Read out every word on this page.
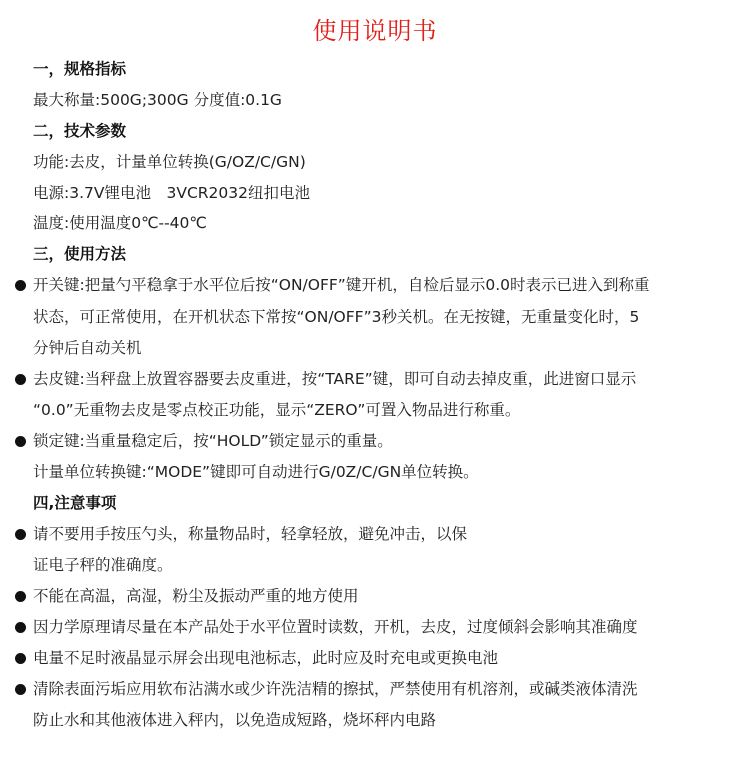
使用说明书
一，规格指标
最大称量:500G;300G 分度值:0.1G
二，技术参数
功能:去皮，计量单位转换(G/OZ/C/GN)
电源:3.7V锂电池　3VCR2032纽扣电池
温度:使用温度0℃--40℃
三，使用方法
开关键:把量勺平稳拿于水平位后按“ON/OFF”键开机，自检后显示0.0时表示已进入到称重
状态，可正常使用，在开机状态下常按“ON/OFF”3秒关机。在无按键，无重量变化时，5
分钟后自动关机
去皮键:当秤盘上放置容器要去皮重进，按“TARE”键，即可自动去掉皮重，此进窗口显示
“0.0”无重物去皮是零点校正功能，显示“ZERO”可置入物品进行称重。
锁定键:当重量稳定后，按“HOLD”锁定显示的重量。
计量单位转换键:“MODE”键即可自动进行G/0Z/C/GN单位转换。
四,注意事项
请不要用手按压勺头，称量物品时，轻拿轻放，避免冲击，以保
证电子秤的准确度。
不能在高温，高湿，粉尘及振动严重的地方使用
因力学原理请尽量在本产品处于水平位置时读数，开机，去皮，过度倾斜会影响其准确度
电量不足时液晶显示屏会出现电池标志，此时应及时充电或更换电池
清除表面污垢应用软布沾满水或少许洗洁精的擦拭，严禁使用有机溶剂，或碱类液体清洗
防止水和其他液体进入秤内，以免造成短路，烧坏秤内电路
